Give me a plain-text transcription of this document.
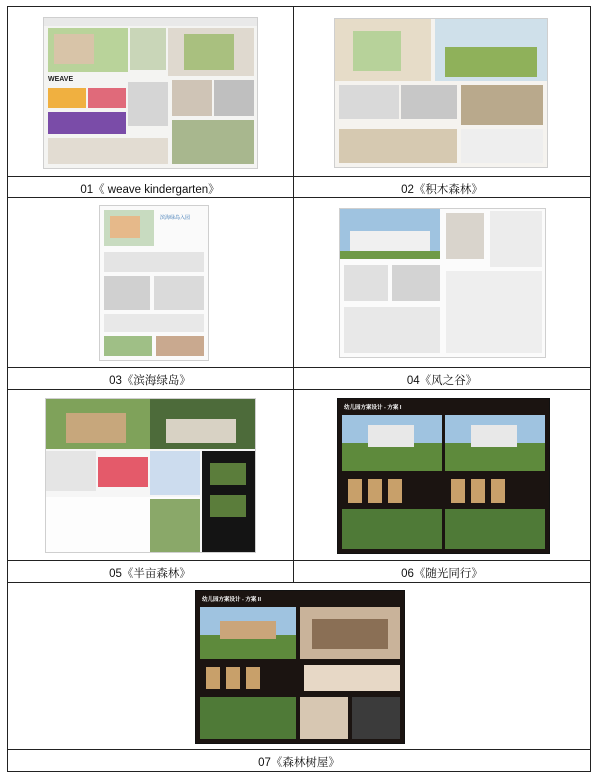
WEAVE
01《 weave kindergarten》	02《积木森林》
滨海绿岛入园
03《滨海绿岛》	04《风之谷》
05《半亩森林》
幼儿园方案设计 - 方案 I
06《随光同行》
幼儿园方案设计 - 方案 II
07《森林树屋》
